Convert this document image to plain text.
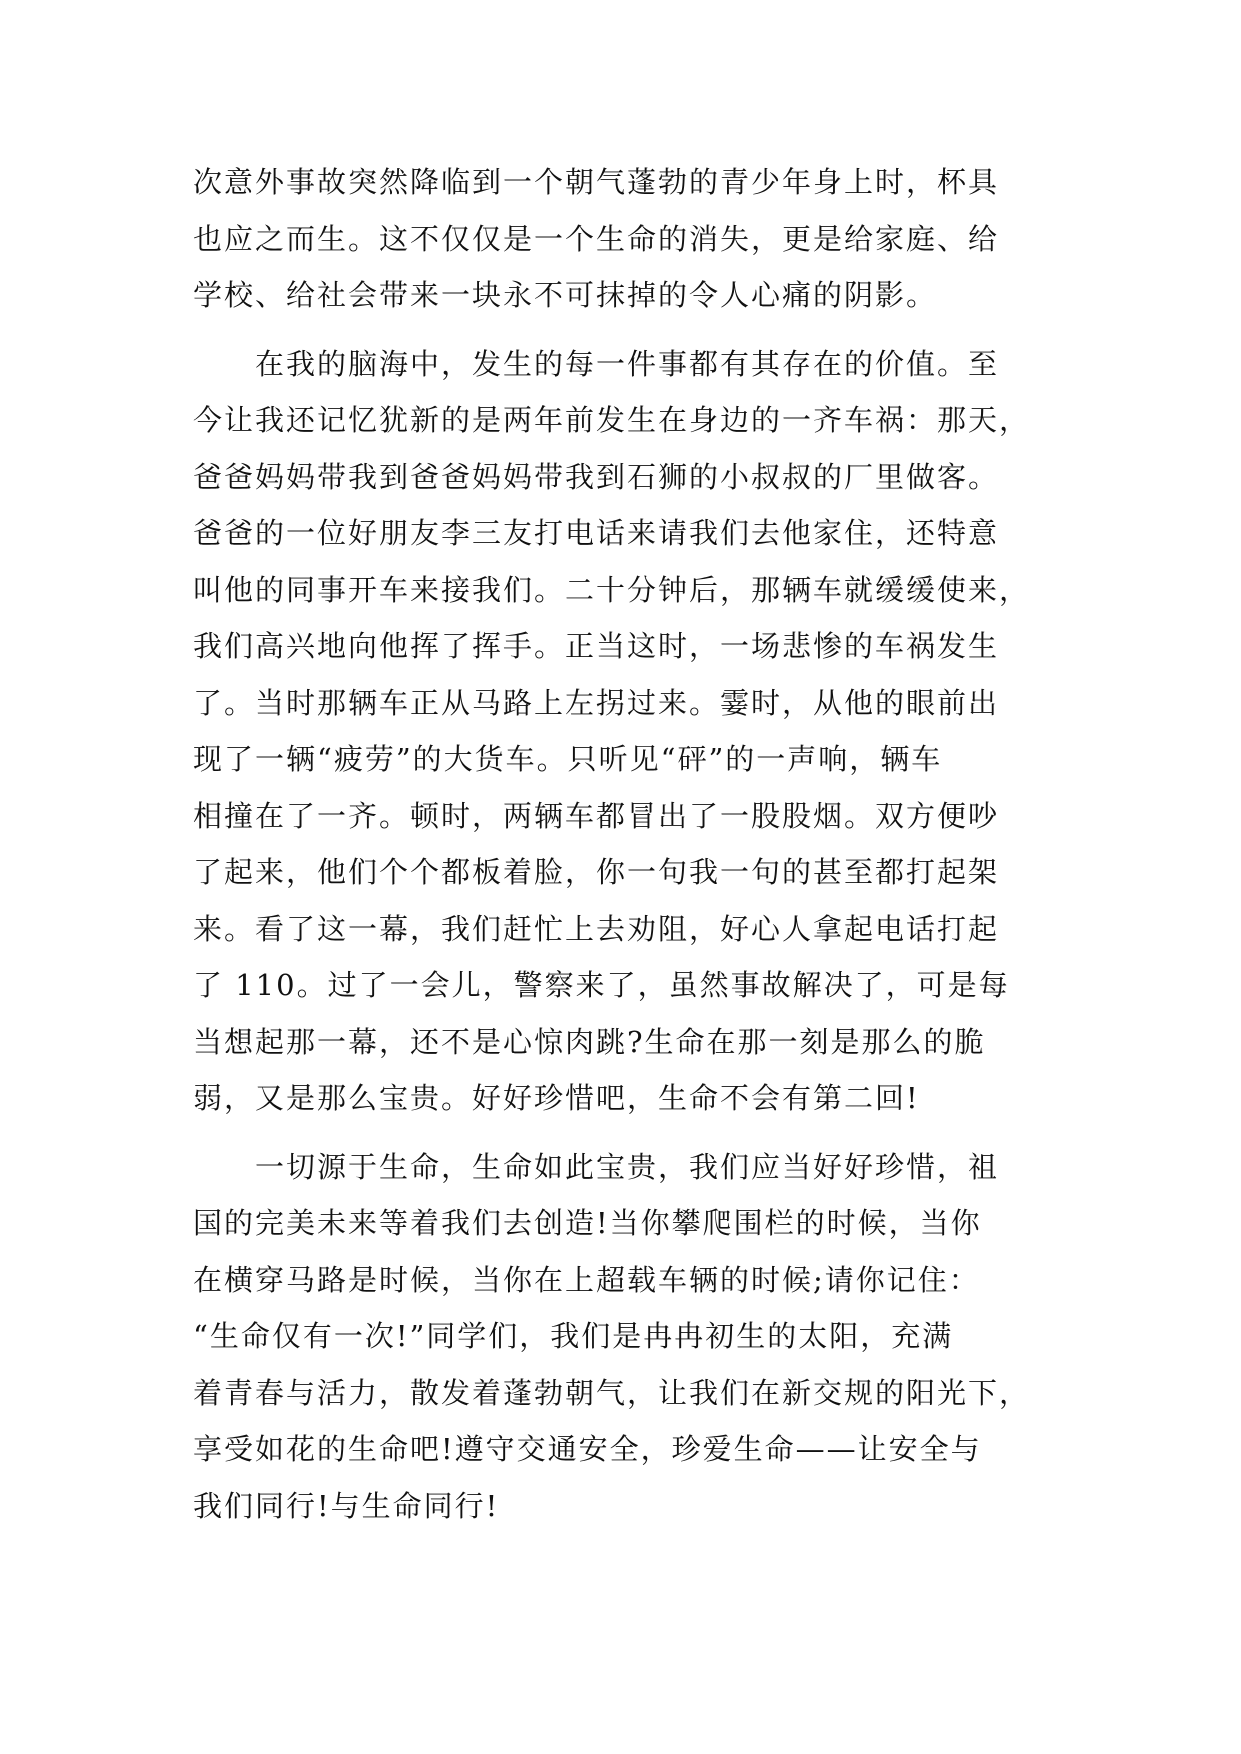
次意外事故突然降临到一个朝气蓬勃的青少年身上时，杯具
也应之而生。这不仅仅是一个生命的消失，更是给家庭、给
学校、给社会带来一块永不可抹掉的令人心痛的阴影。
　　在我的脑海中，发生的每一件事都有其存在的价值。至
今让我还记忆犹新的是两年前发生在身边的一齐车祸：那天，
爸爸妈妈带我到爸爸妈妈带我到石狮的小叔叔的厂里做客。
爸爸的一位好朋友李三友打电话来请我们去他家住，还特意
叫他的同事开车来接我们。二十分钟后，那辆车就缓缓使来，
我们高兴地向他挥了挥手。正当这时，一场悲惨的车祸发生
了。当时那辆车正从马路上左拐过来。霎时，从他的眼前出
现了一辆“疲劳”的大货车。只听见“砰”的一声响，辆车
相撞在了一齐。顿时，两辆车都冒出了一股股烟。双方便吵
了起来，他们个个都板着脸，你一句我一句的甚至都打起架
来。看了这一幕，我们赶忙上去劝阻，好心人拿起电话打起
了 110。过了一会儿，警察来了，虽然事故解决了，可是每
当想起那一幕，还不是心惊肉跳?生命在那一刻是那么的脆
弱，又是那么宝贵。好好珍惜吧，生命不会有第二回!
　　一切源于生命，生命如此宝贵，我们应当好好珍惜，祖
国的完美未来等着我们去创造!当你攀爬围栏的时候，当你
在横穿马路是时候，当你在上超载车辆的时候;请你记住：
“生命仅有一次!”同学们，我们是冉冉初生的太阳，充满
着青春与活力，散发着蓬勃朝气，让我们在新交规的阳光下，
享受如花的生命吧!遵守交通安全，珍爱生命——让安全与
我们同行!与生命同行!
